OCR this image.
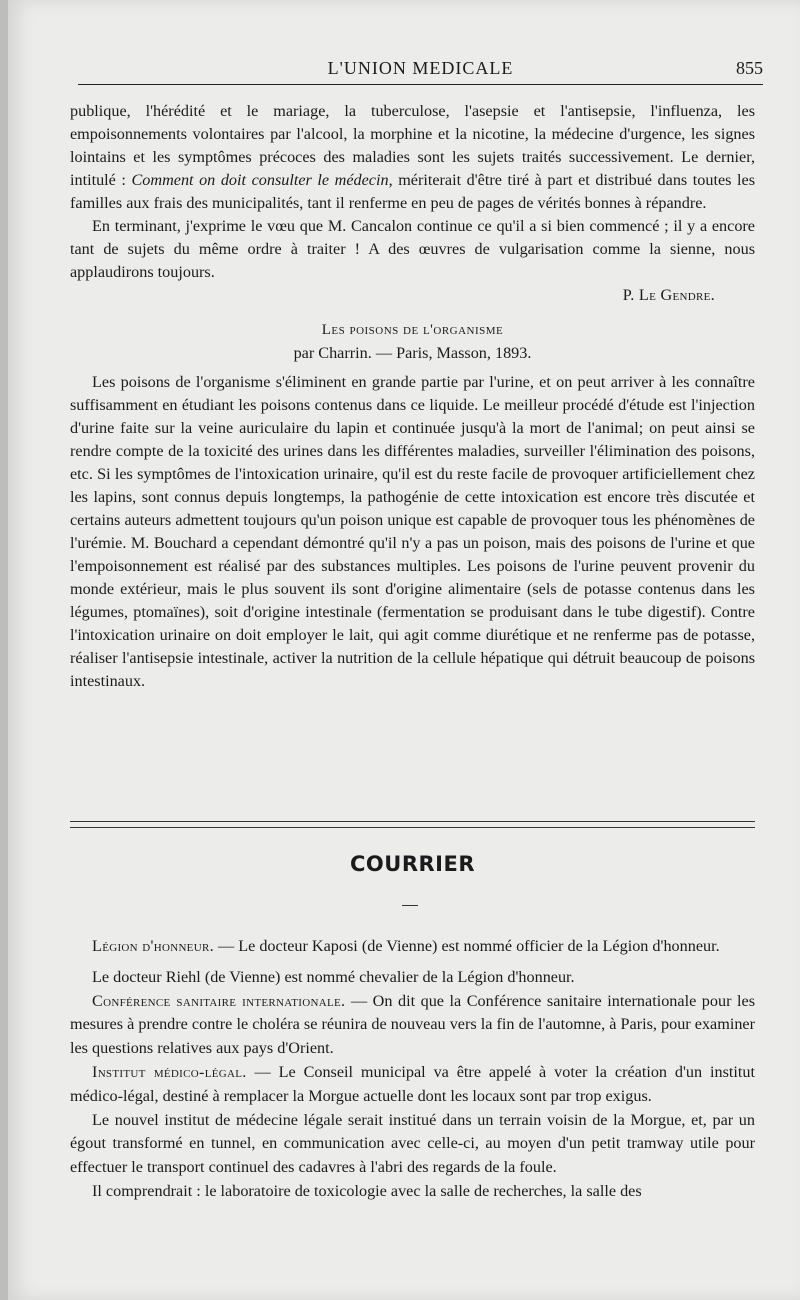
L'UNION MEDICALE	855

publique, l'hérédité et le mariage, la tuberculose, l'asepsie et l'antisepsie, l'influenza, les empoisonnements volontaires par l'alcool, la morphine et la nicotine, la médecine d'urgence, les signes lointains et les symptômes précoces des maladies sont les sujets traités successivement. Le dernier, intitulé : Comment on doit consulter le médecin, mériterait d'être tiré à part et distribué dans toutes les familles aux frais des municipalités, tant il renferme en peu de pages de vérités bonnes à répandre.

En terminant, j'exprime le vœu que M. Cancalon continue ce qu'il a si bien commencé ; il y a encore tant de sujets du même ordre à traiter ! A des œuvres de vulgarisation comme la sienne, nous applaudirons toujours.

P. Le Gendre.

Les poisons de l'organisme

par Charrin. — Paris, Masson, 1893.

Les poisons de l'organisme s'éliminent en grande partie par l'urine, et on peut arriver à les connaître suffisamment en étudiant les poisons contenus dans ce liquide. Le meilleur procédé d'étude est l'injection d'urine faite sur la veine auriculaire du lapin et continuée jusqu'à la mort de l'animal; on peut ainsi se rendre compte de la toxicité des urines dans les différentes maladies, surveiller l'élimination des poisons, etc. Si les symptômes de l'intoxication urinaire, qu'il est du reste facile de provoquer artificiellement chez les lapins, sont connus depuis longtemps, la pathogénie de cette intoxication est encore très discutée et certains auteurs admettent toujours qu'un poison unique est capable de provoquer tous les phénomènes de l'urémie. M. Bouchard a cependant démontré qu'il n'y a pas un poison, mais des poisons de l'urine et que l'empoisonnement est réalisé par des substances multiples. Les poisons de l'urine peuvent provenir du monde extérieur, mais le plus souvent ils sont d'origine alimentaire (sels de potasse contenus dans les légumes, ptomaïnes), soit d'origine intestinale (fermentation se produisant dans le tube digestif). Contre l'intoxication urinaire on doit employer le lait, qui agit comme diurétique et ne renferme pas de potasse, réaliser l'antisepsie intestinale, activer la nutrition de la cellule hépatique qui détruit beaucoup de poisons intestinaux.

COURRIER

Légion d'honneur. — Le docteur Kaposi (de Vienne) est nommé officier de la Légion d'honneur.

Le docteur Riehl (de Vienne) est nommé chevalier de la Légion d'honneur.

Conférence sanitaire internationale. — On dit que la Conférence sanitaire internationale pour les mesures à prendre contre le choléra se réunira de nouveau vers la fin de l'automne, à Paris, pour examiner les questions relatives aux pays d'Orient.

Institut médico-légal. — Le Conseil municipal va être appelé à voter la création d'un institut médico-légal, destiné à remplacer la Morgue actuelle dont les locaux sont par trop exigus.

Le nouvel institut de médecine légale serait institué dans un terrain voisin de la Morgue, et, par un égout transformé en tunnel, en communication avec celle-ci, au moyen d'un petit tramway utile pour effectuer le transport continuel des cadavres à l'abri des regards de la foule.

Il comprendrait : le laboratoire de toxicologie avec la salle de recherches, la salle des
